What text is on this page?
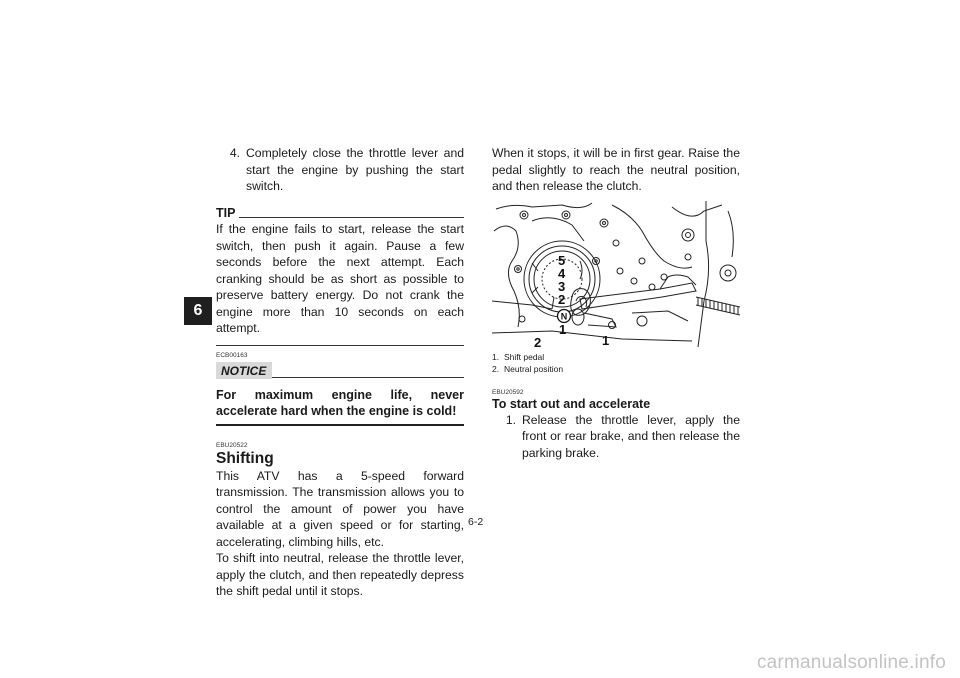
6
4. Completely close the throttle lever and start the engine by pushing the start switch.
TIP

If the engine fails to start, release the start switch, then push it again. Pause a few seconds before the next attempt. Each cranking should be as short as possible to preserve battery energy. Do not crank the engine more than 10 seconds on each attempt.

ECB00163
NOTICE
For maximum engine life, never accelerate hard when the engine is cold!
EBU20522
Shifting

This ATV has a 5-speed forward transmission. The transmission allows you to control the amount of power you have available at a given speed or for starting, accelerating, climbing hills, etc.

To shift into neutral, release the throttle lever, apply the clutch, and then repeatedly depress the shift pedal until it stops.

When it stops, it will be in first gear. Raise the pedal slightly to reach the neutral position, and then release the clutch.

5
4
3
2
1
2	1
N
1. Shift pedal
2. Neutral position
EBU20592
To start out and accelerate
1. Release the throttle lever, apply the front or rear brake, and then release the parking brake.
6-2
carmanualsonline.info
